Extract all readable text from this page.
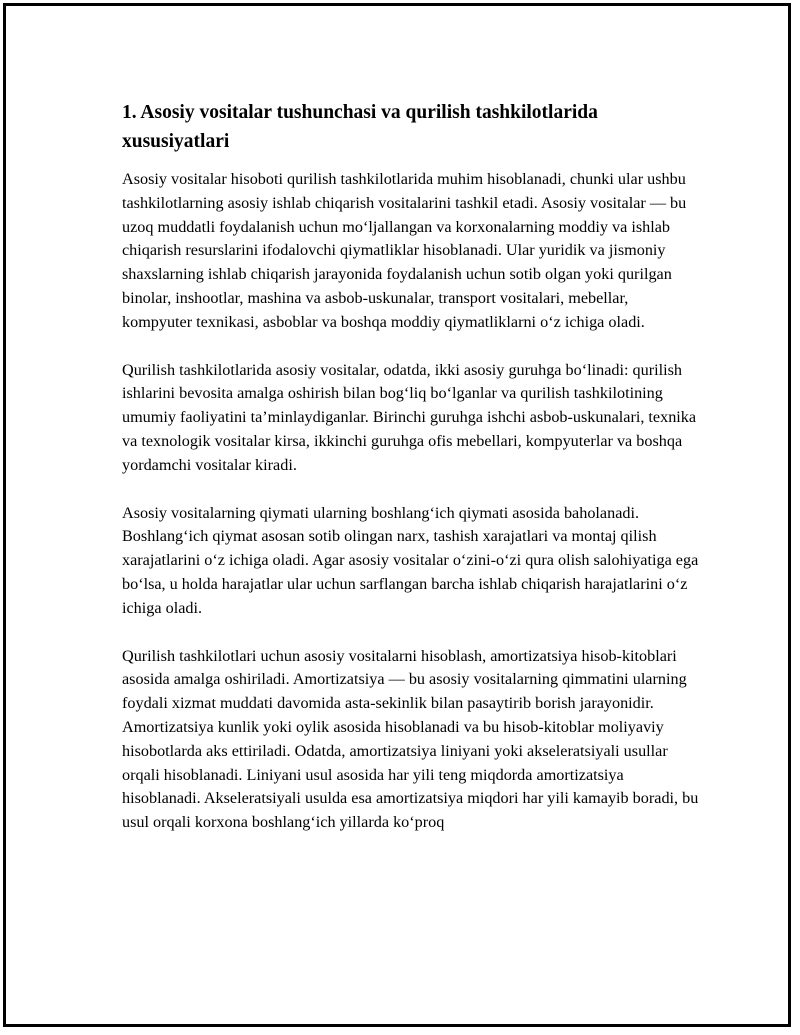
1. Asosiy vositalar tushunchasi va qurilish tashkilotlarida xususiyatlari

Asosiy vositalar hisoboti qurilish tashkilotlarida muhim hisoblanadi, chunki ular ushbu tashkilotlarning asosiy ishlab chiqarish vositalarini tashkil etadi. Asosiy vositalar — bu uzoq muddatli foydalanish uchun moʻljallangan va korxonalarning moddiy va ishlab chiqarish resurslarini ifodalovchi qiymatliklar hisoblanadi. Ular yuridik va jismoniy shaxslarning ishlab chiqarish jarayonida foydalanish uchun sotib olgan yoki qurilgan binolar, inshootlar, mashina va asbob-uskunalar, transport vositalari, mebellar, kompyuter texnikasi, asboblar va boshqa moddiy qiymatliklarni oʻz ichiga oladi.

Qurilish tashkilotlarida asosiy vositalar, odatda, ikki asosiy guruhga boʻlinadi: qurilish ishlarini bevosita amalga oshirish bilan bogʻliq boʻlganlar va qurilish tashkilotining umumiy faoliyatini taʼminlaydiganlar. Birinchi guruhga ishchi asbob-uskunalari, texnika va texnologik vositalar kirsa, ikkinchi guruhga ofis mebellari, kompyuterlar va boshqa yordamchi vositalar kiradi.

Asosiy vositalarning qiymati ularning boshlangʻich qiymati asosida baholanadi. Boshlangʻich qiymat asosan sotib olingan narx, tashish xarajatlari va montaj qilish xarajatlarini oʻz ichiga oladi. Agar asosiy vositalar oʻzini-oʻzi qura olish salohiyatiga ega boʻlsa, u holda harajatlar ular uchun sarflangan barcha ishlab chiqarish harajatlarini oʻz ichiga oladi.

Qurilish tashkilotlari uchun asosiy vositalarni hisoblash, amortizatsiya hisob-kitoblari asosida amalga oshiriladi. Amortizatsiya — bu asosiy vositalarning qimmatini ularning foydali xizmat muddati davomida asta-sekinlik bilan pasaytirib borish jarayonidir. Amortizatsiya kunlik yoki oylik asosida hisoblanadi va bu hisob-kitoblar moliyaviy hisobotlarda aks ettiriladi. Odatda, amortizatsiya liniyani yoki akseleratsiyali usullar orqali hisoblanadi. Liniyani usul asosida har yili teng miqdorda amortizatsiya hisoblanadi. Akseleratsiyali usulda esa amortizatsiya miqdori har yili kamayib boradi, bu usul orqali korxona boshlangʻich yillarda koʻproq
